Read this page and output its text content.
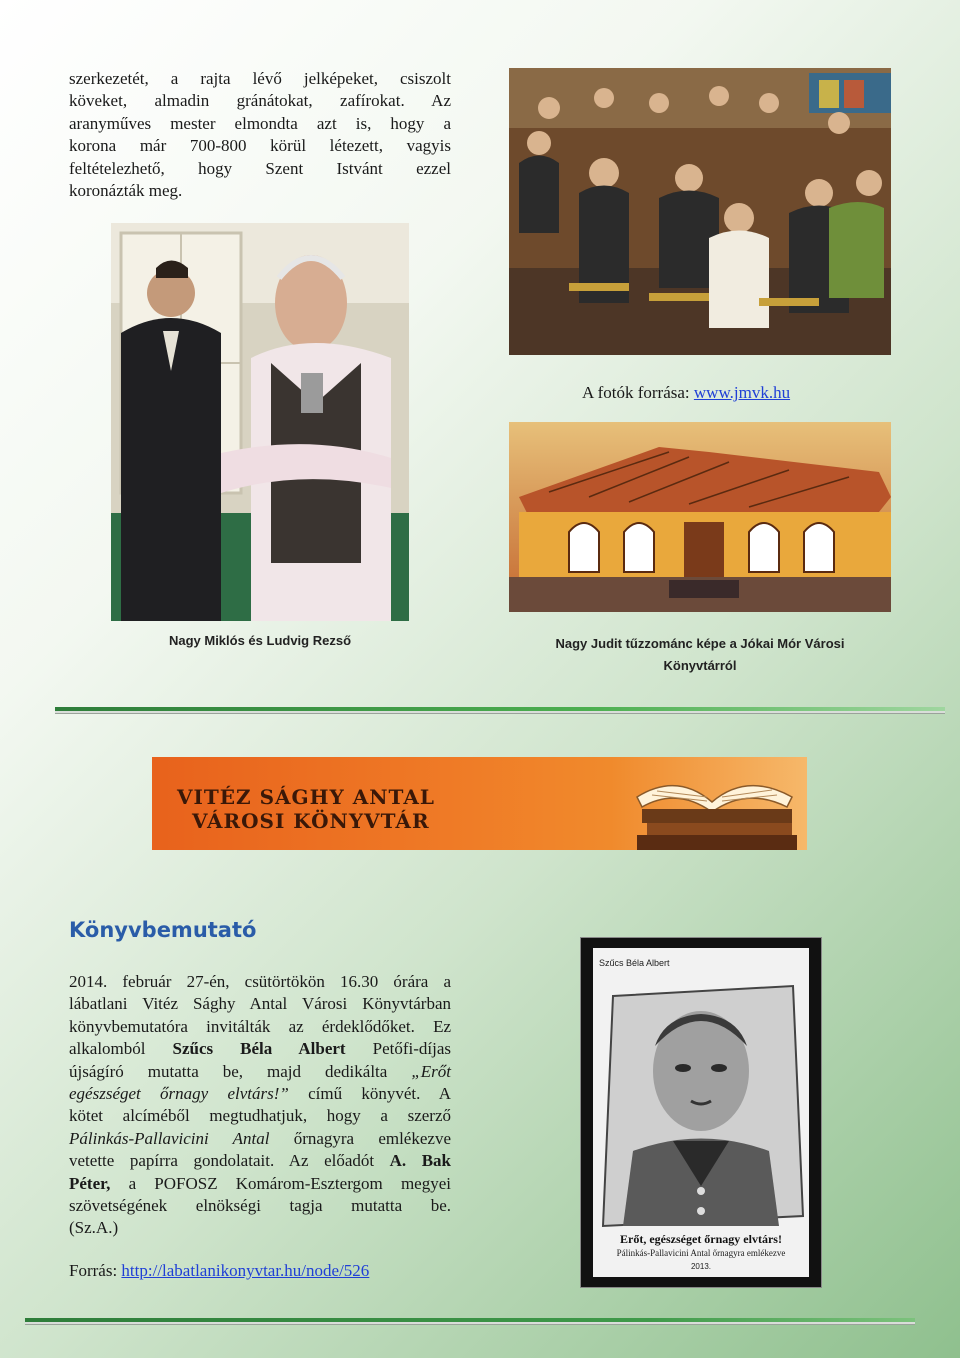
szerkezetét, a rajta lévő jelképeket, csiszolt
köveket, almadin gránátokat, zafírokat. Az
aranyműves mester elmondta azt is, hogy a
korona már 700-800 körül létezett, vagyis
feltételezhető, hogy Szent Istvánt ezzel
koronázták meg.
A fotók forrása: www.jmvk.hu
Nagy Miklós és Ludvig Rezső	Nagy Judit tűzzománc képe a Jókai Mór Városi
Könyvtárról
VITÉZ SÁGHY ANTAL
VÁROSI KÖNYVTÁR
Könyvbemutató
2014. február 27-én, csütörtökön 16.30 órára a
lábatlani Vitéz Sághy Antal Városi Könyvtárban
könyvbemutatóra invitálták az érdeklődőket. Ez
alkalomból Szűcs Béla Albert Petőfi-díjas
újságíró mutatta be, majd dedikálta „Erőt
egészséget őrnagy elvtárs!” című könyvét. A
kötet alcíméből megtudhatjuk, hogy a szerző
Pálinkás-Pallavicini Antal őrnagyra emlékezve
vetette papírra gondolatait. Az előadót A. Bak
Péter, a POFOSZ Komárom-Esztergom megyei
szövetségének elnökségi tagja mutatta be.
(Sz.A.)
Forrás: http://labatlanikonyvtar.hu/node/526
Szűcs Béla Albert
Erőt, egészséget őrnagy elvtárs!
Pálinkás-Pallavicini Antal őrnagyra emlékezve
2013.
